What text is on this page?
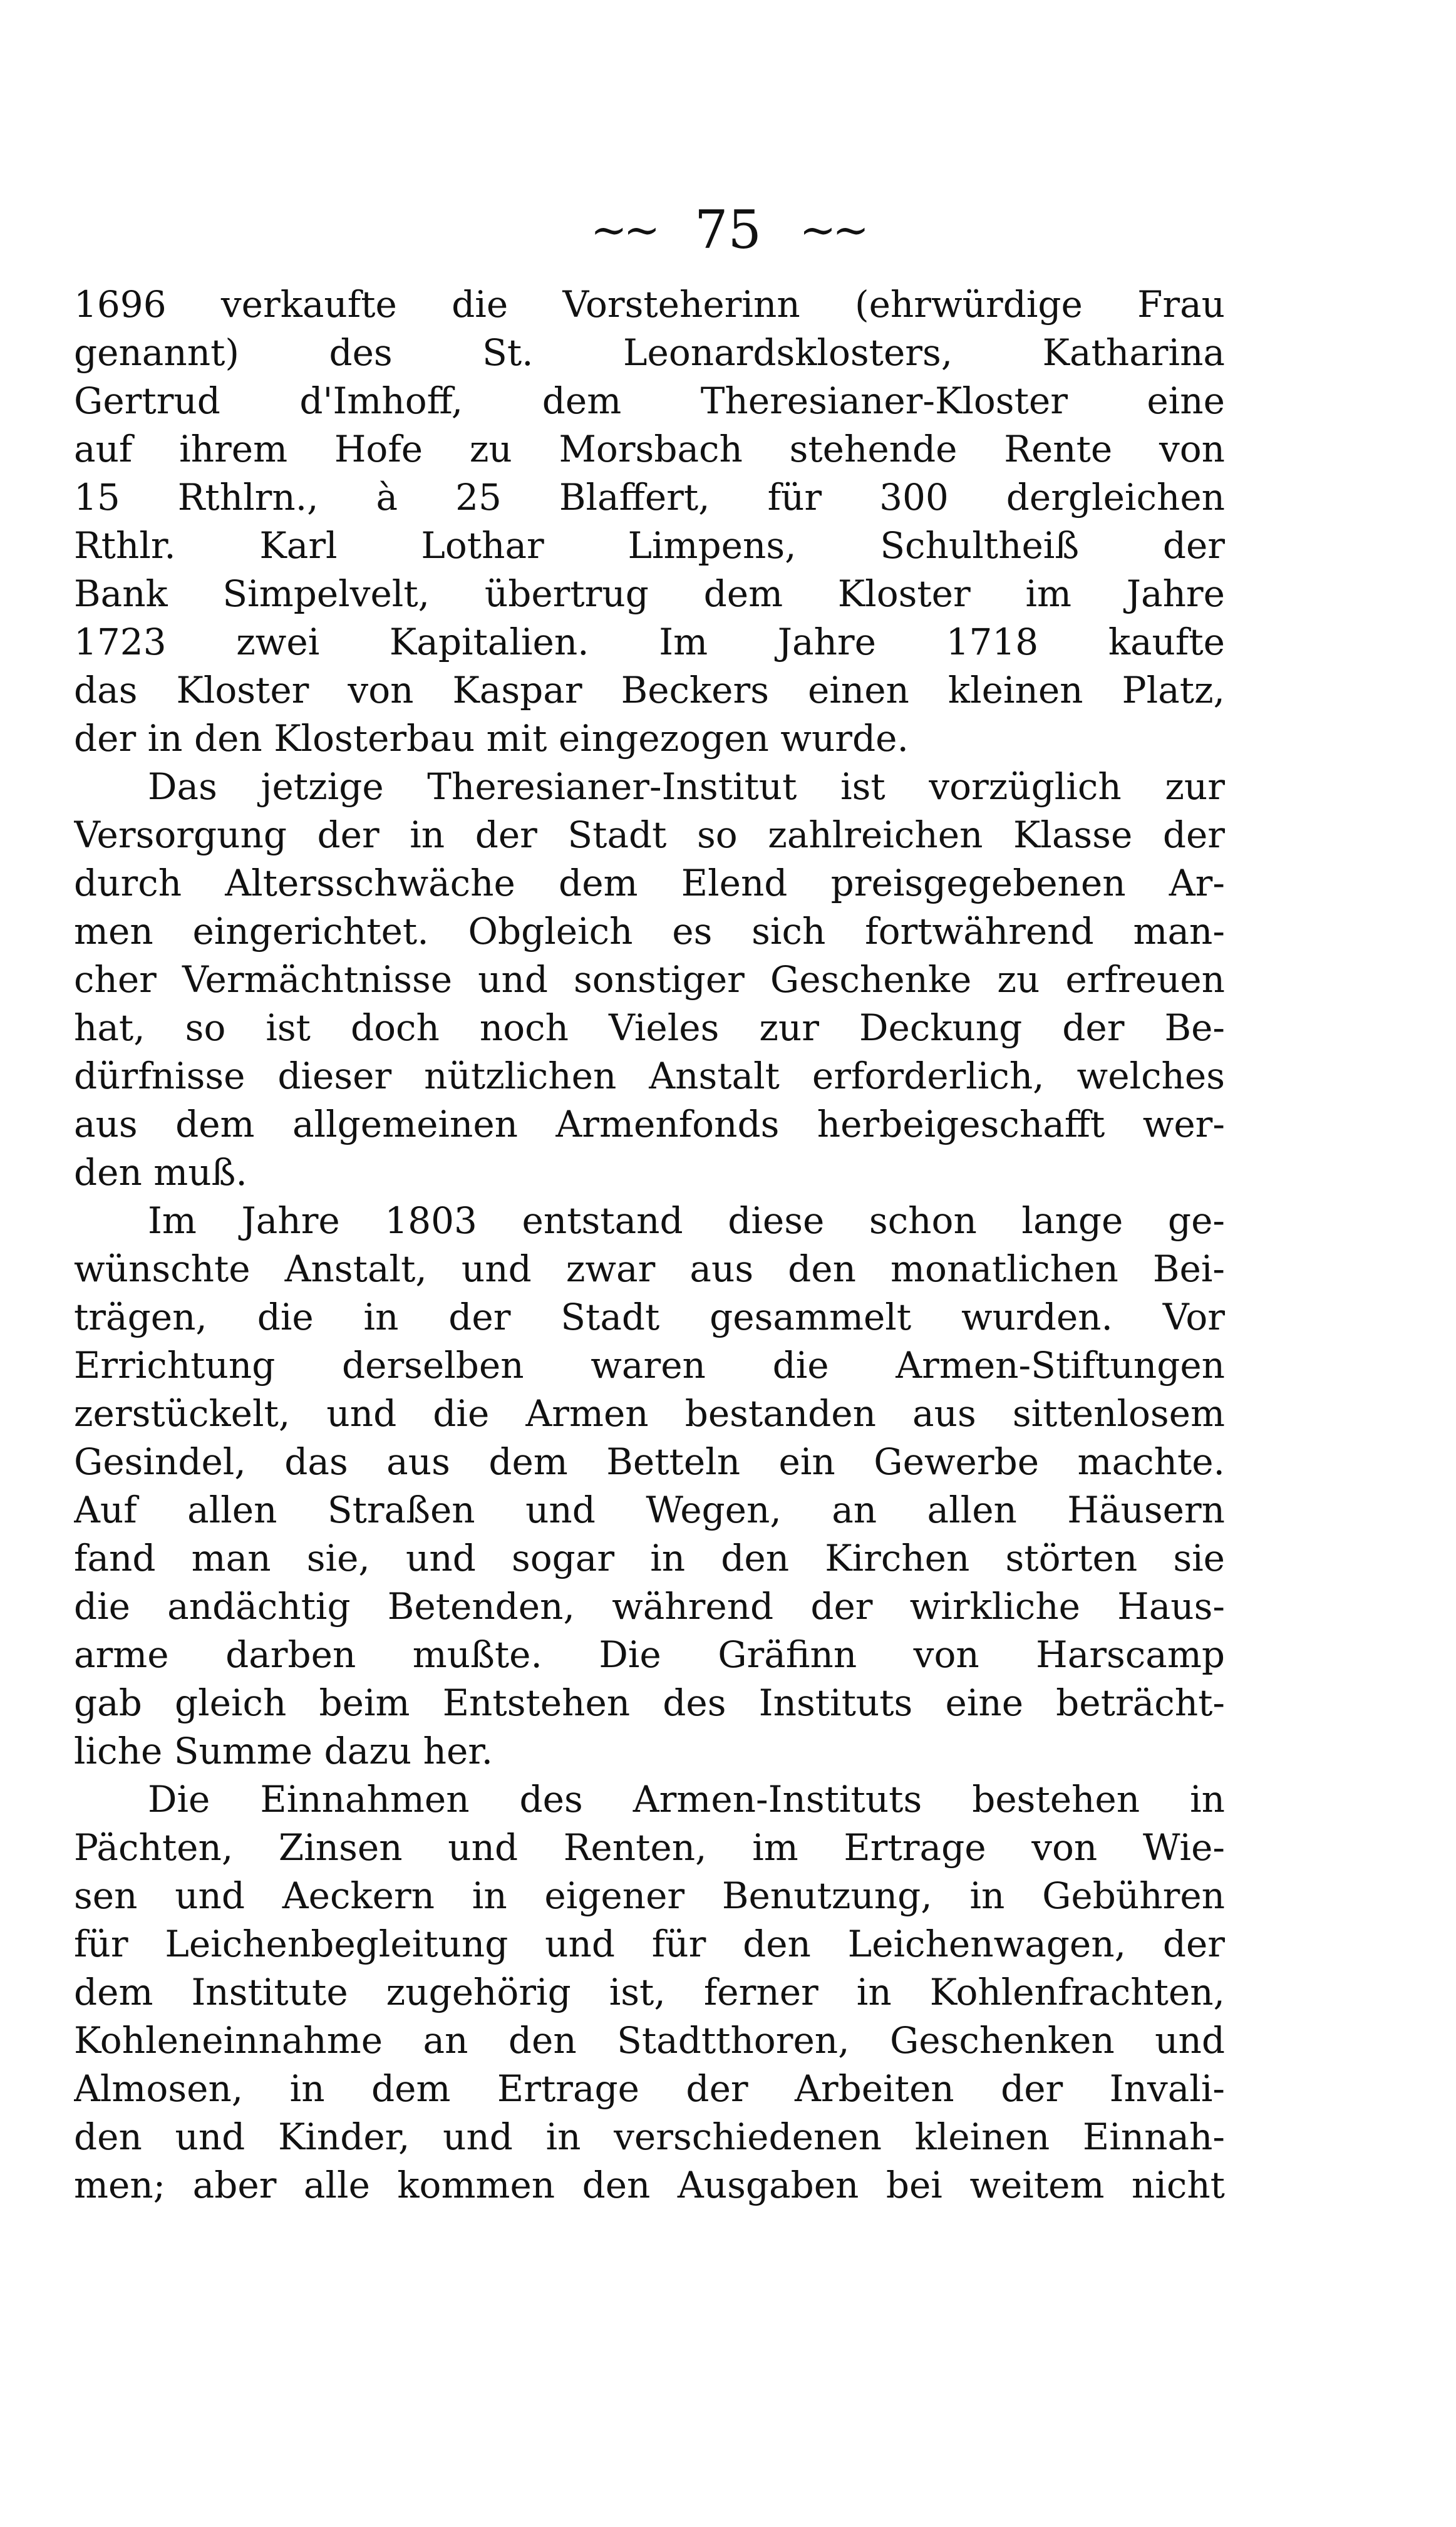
~~ 75 ~~
1696 verkaufte die Vorsteherinn (ehrwürdige Frau
genannt) des St. Leonardsklosters, Katharina
Gertrud d'Imhoff, dem Theresianer-Kloster eine
auf ihrem Hofe zu Morsbach stehende Rente von
15 Rthlrn., à 25 Blaffert, für 300 dergleichen
Rthlr. Karl Lothar Limpens, Schultheiß der
Bank Simpelvelt, übertrug dem Kloster im Jahre
1723 zwei Kapitalien. Im Jahre 1718 kaufte
das Kloster von Kaspar Beckers einen kleinen Platz,
der in den Klosterbau mit eingezogen wurde.
Das jetzige Theresianer-Institut ist vorzüglich zur
Versorgung der in der Stadt so zahlreichen Klasse der
durch Altersschwäche dem Elend preisgegebenen Ar-
men eingerichtet. Obgleich es sich fortwährend man-
cher Vermächtnisse und sonstiger Geschenke zu erfreuen
hat, so ist doch noch Vieles zur Deckung der Be-
dürfnisse dieser nützlichen Anstalt erforderlich, welches
aus dem allgemeinen Armenfonds herbeigeschafft wer-
den muß.
Im Jahre 1803 entstand diese schon lange ge-
wünschte Anstalt, und zwar aus den monatlichen Bei-
trägen, die in der Stadt gesammelt wurden. Vor
Errichtung derselben waren die Armen-Stiftungen
zerstückelt, und die Armen bestanden aus sittenlosem
Gesindel, das aus dem Betteln ein Gewerbe machte.
Auf allen Straßen und Wegen, an allen Häusern
fand man sie, und sogar in den Kirchen störten sie
die andächtig Betenden, während der wirkliche Haus-
arme darben mußte. Die Gräfinn von Harscamp
gab gleich beim Entstehen des Instituts eine beträcht-
liche Summe dazu her.
Die Einnahmen des Armen-Instituts bestehen in
Pächten, Zinsen und Renten, im Ertrage von Wie-
sen und Aeckern in eigener Benutzung, in Gebühren
für Leichenbegleitung und für den Leichenwagen, der
dem Institute zugehörig ist, ferner in Kohlenfrachten,
Kohleneinnahme an den Stadtthoren, Geschenken und
Almosen, in dem Ertrage der Arbeiten der Invali-
den und Kinder, und in verschiedenen kleinen Einnah-
men; aber alle kommen den Ausgaben bei weitem nicht
